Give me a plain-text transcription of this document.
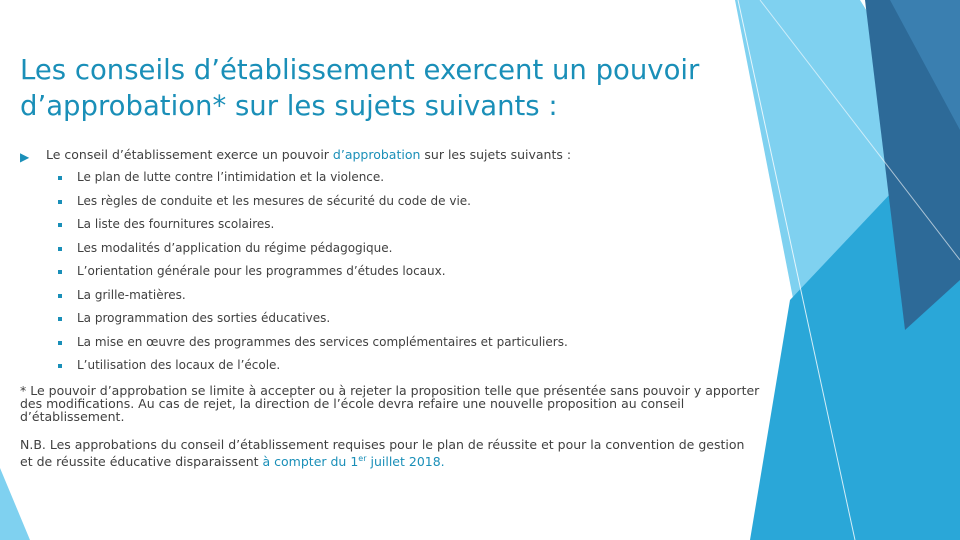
Les conseils d’établissement exercent un pouvoir d’approbation* sur les sujets suivants :
▶ Le conseil d’établissement exerce un pouvoir d’approbation sur les sujets suivants :
Le plan de lutte contre l’intimidation et la violence.
Les règles de conduite et les mesures de sécurité du code de vie.
La liste des fournitures scolaires.
Les modalités d’application du régime pédagogique.
L’orientation générale pour les programmes d’études locaux.
La grille-matières.
La programmation des sorties éducatives.
La mise en œuvre des programmes des services complémentaires et particuliers.
L’utilisation des locaux de l’école.

* Le pouvoir d’approbation se limite à accepter ou à rejeter la proposition telle que présentée sans pouvoir y apporter des modifications. Au cas de rejet, la direction de l’école devra refaire une nouvelle proposition au conseil d’établissement.

N.B. Les approbations du conseil d’établissement requises pour le plan de réussite et pour la convention de gestion et de réussite éducative disparaissent à compter du 1er juillet 2018.
